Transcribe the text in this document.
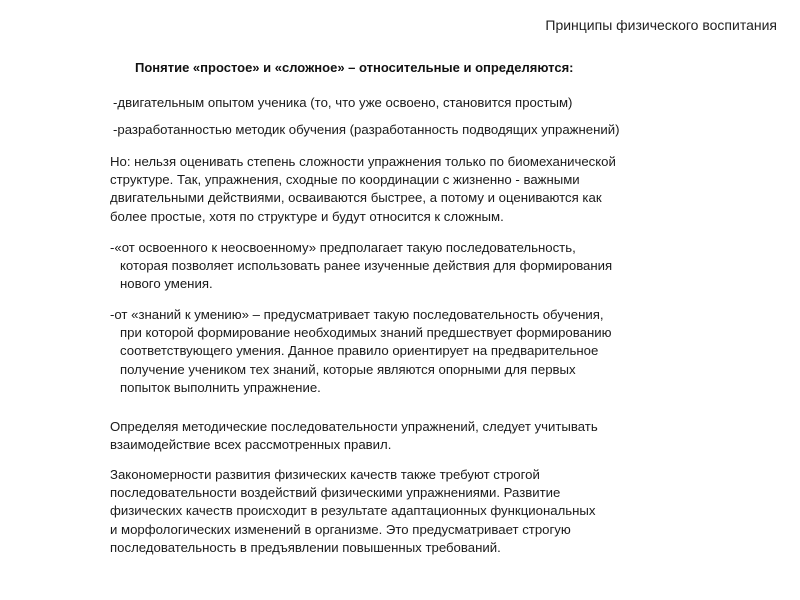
Принципы физического воспитания
Понятие «простое» и «сложное» – относительные и определяются:
-двигательным опытом ученика (то, что уже освоено, становится простым)
-разработанностью методик обучения (разработанность подводящих упражнений)
Но: нельзя оценивать степень сложности упражнения только по биомеханической
структуре. Так, упражнения, сходные по координации с жизненно - важными
двигательными действиями, осваиваются быстрее, а потому и оцениваются как
более простые, хотя по структуре и будут относится к сложным.
-«от освоенного к неосвоенному» предполагает такую последовательность,
которая позволяет использовать ранее изученные действия для формирования
нового умения.
-от «знаний к умению» – предусматривает такую последовательность обучения,
при которой формирование необходимых знаний предшествует формированию
соответствующего умения. Данное правило ориентирует на предварительное
получение учеником тех знаний, которые являются опорными для первых
попыток выполнить упражнение.
Определяя методические последовательности упражнений, следует учитывать
взаимодействие всех рассмотренных правил.
Закономерности развития физических качеств также требуют строгой
последовательности воздействий физическими упражнениями. Развитие
физических качеств происходит в результате адаптационных функциональных
и морфологических изменений в организме. Это предусматривает строгую
последовательность в предъявлении повышенных требований.
